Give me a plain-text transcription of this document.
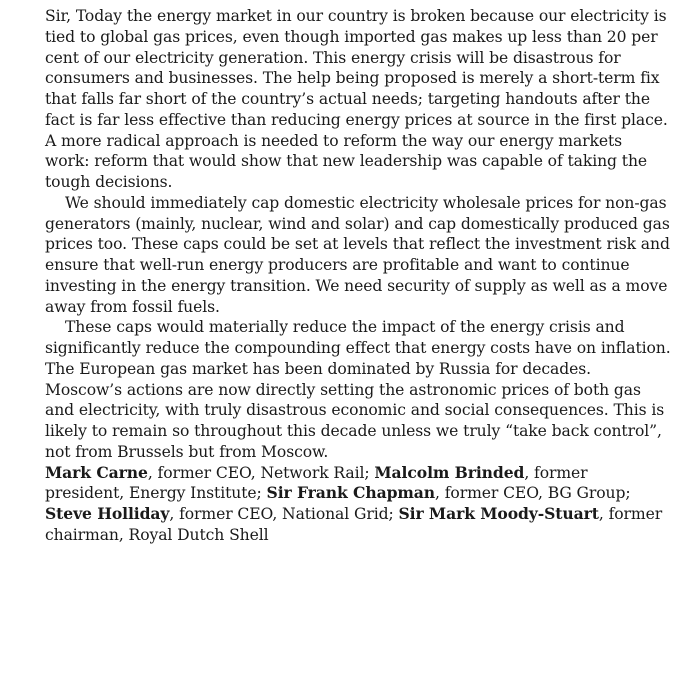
Sir, Today the energy market in our country is broken because our electricity is tied to global gas prices, even though imported gas makes up less than 20 per cent of our electricity generation. This energy crisis will be disastrous for consumers and businesses. The help being proposed is merely a short-term fix that falls far short of the country’s actual needs; targeting handouts after the fact is far less effective than reducing energy prices at source in the first place. A more radical approach is needed to reform the way our energy markets work: reform that would show that new leadership was capable of taking the tough decisions.

We should immediately cap domestic electricity wholesale prices for non-gas generators (mainly, nuclear, wind and solar) and cap domestically produced gas prices too. These caps could be set at levels that reflect the investment risk and ensure that well-run energy producers are profitable and want to continue investing in the energy transition. We need security of supply as well as a move away from fossil fuels.

These caps would materially reduce the impact of the energy crisis and significantly reduce the compounding effect that energy costs have on inflation. The European gas market has been dominated by Russia for decades. Moscow’s actions are now directly setting the astronomic prices of both gas and electricity, with truly disastrous economic and social consequences. This is likely to remain so throughout this decade unless we truly “take back control”, not from Brussels but from Moscow.

Mark Carne, former CEO, Network Rail; Malcolm Brinded, former president, Energy Institute; Sir Frank Chapman, former CEO, BG Group; Steve Holliday, former CEO, National Grid; Sir Mark Moody-Stuart, former chairman, Royal Dutch Shell
